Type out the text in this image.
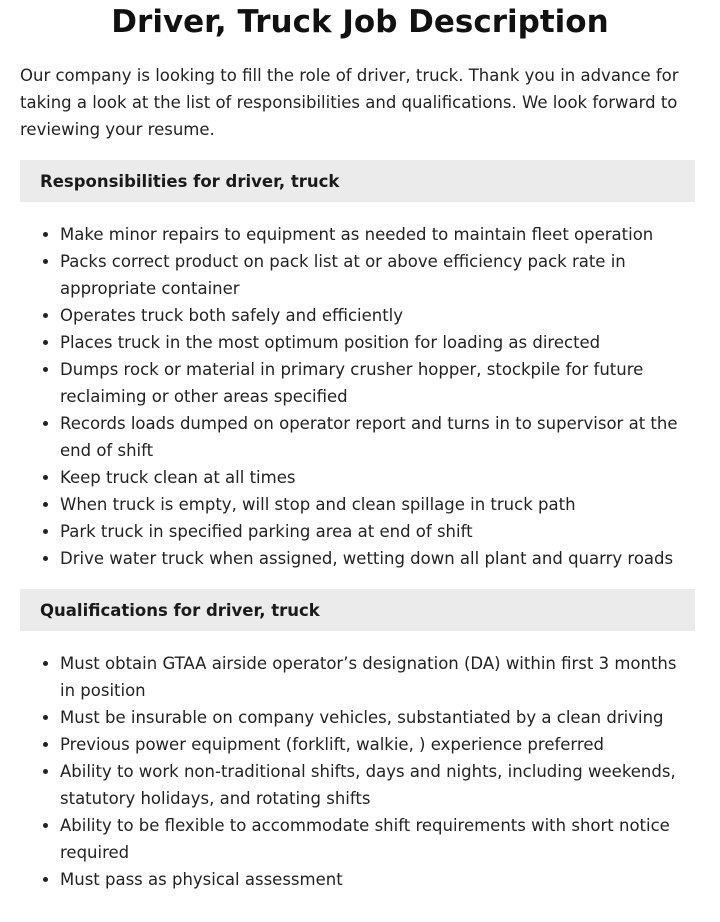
Driver, Truck Job Description

Our company is looking to fill the role of driver, truck. Thank you in advance for taking a look at the list of responsibilities and qualifications. We look forward to reviewing your resume.

Responsibilities for driver, truck
• Make minor repairs to equipment as needed to maintain fleet operation
• Packs correct product on pack list at or above efficiency pack rate in appropriate container
• Operates truck both safely and efficiently
• Places truck in the most optimum position for loading as directed
• Dumps rock or material in primary crusher hopper, stockpile for future reclaiming or other areas specified
• Records loads dumped on operator report and turns in to supervisor at the end of shift
• Keep truck clean at all times
• When truck is empty, will stop and clean spillage in truck path
• Park truck in specified parking area at end of shift
• Drive water truck when assigned, wetting down all plant and quarry roads
Qualifications for driver, truck
• Must obtain GTAA airside operator’s designation (DA) within first 3 months in position
• Must be insurable on company vehicles, substantiated by a clean driving
• Previous power equipment (forklift, walkie, ) experience preferred
• Ability to work non-traditional shifts, days and nights, including weekends, statutory holidays, and rotating shifts
• Ability to be flexible to accommodate shift requirements with short notice required
• Must pass as physical assessment
